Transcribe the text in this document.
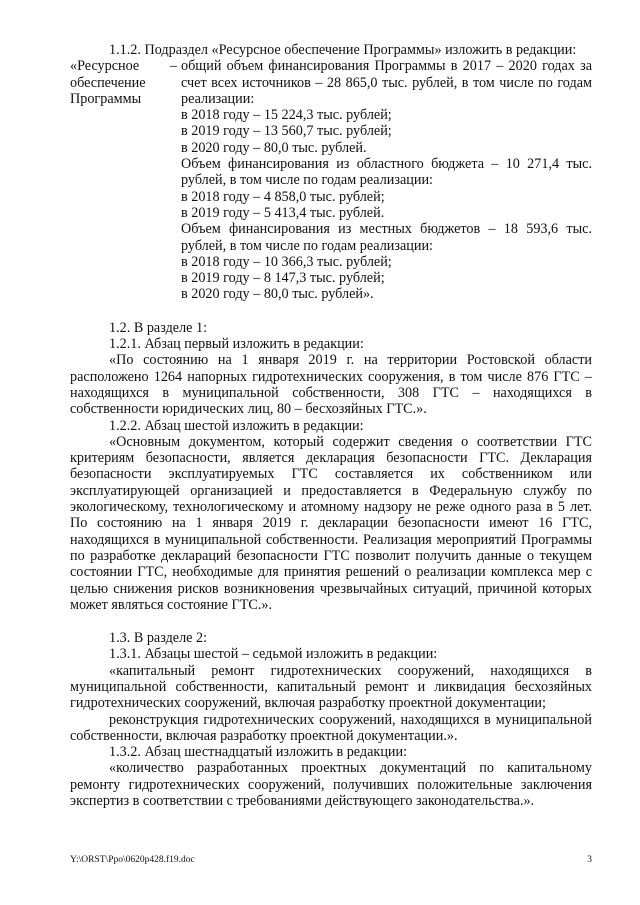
1.1.2. Подраздел «Ресурсное обеспечение Программы» изложить в редакции:

«Ресурсное обеспечение Программы
– общий объем финансирования Программы в 2017 – 2020 годах за счет всех источников – 28 865,0 тыс. рублей, в том числе по годам реализации:

в 2018 году – 15 224,3 тыс. рублей;

в 2019 году – 13 560,7 тыс. рублей;

в 2020 году – 80,0 тыс. рублей.

Объем финансирования из областного бюджета – 10 271,4 тыс. рублей, в том числе по годам реализации:

в 2018 году – 4 858,0 тыс. рублей;

в 2019 году – 5 413,4 тыс. рублей.

Объем финансирования из местных бюджетов – 18 593,6 тыс. рублей, в том числе по годам реализации:

в 2018 году – 10 366,3 тыс. рублей;

в 2019 году – 8 147,3 тыс. рублей;

в 2020 году – 80,0 тыс. рублей».

1.2. В разделе 1:

1.2.1. Абзац первый изложить в редакции:

«По состоянию на 1 января 2019 г. на территории Ростовской области расположено 1264 напорных гидротехнических сооружения, в том числе 876 ГТС – находящихся в муниципальной собственности, 308 ГТС – находящихся в собственности юридических лиц, 80 – бесхозяйных ГТС.».

1.2.2. Абзац шестой изложить в редакции:

«Основным документом, который содержит сведения о соответствии ГТС критериям безопасности, является декларация безопасности ГТС. Декларация безопасности эксплуатируемых ГТС составляется их собственником или эксплуатирующей организацией и предоставляется в Федеральную службу по экологическому, технологическому и атомному надзору не реже одного раза в 5 лет. По состоянию на 1 января 2019 г. декларации безопасности имеют 16 ГТС, находящихся в муниципальной собственности. Реализация мероприятий Программы по разработке деклараций безопасности ГТС позволит получить данные о текущем состоянии ГТС, необходимые для принятия решений о реализации комплекса мер с целью снижения рисков возникновения чрезвычайных ситуаций, причиной которых может являться состояние ГТС.».

1.3. В разделе 2:

1.3.1. Абзацы шестой – седьмой изложить в редакции:

«капитальный ремонт гидротехнических сооружений, находящихся в муниципальной собственности, капитальный ремонт и ликвидация бесхозяйных гидротехнических сооружений, включая разработку проектной документации;

реконструкция гидротехнических сооружений, находящихся в муниципальной собственности, включая разработку проектной документации.».

1.3.2. Абзац шестнадцатый изложить в редакции:

«количество разработанных проектных документаций по капитальному ремонту гидротехнических сооружений, получивших положительные заключения экспертиз в соответствии с требованиями действующего законодательства.».

Y:\ORST\Ppo\0620p428.f19.doc	3
